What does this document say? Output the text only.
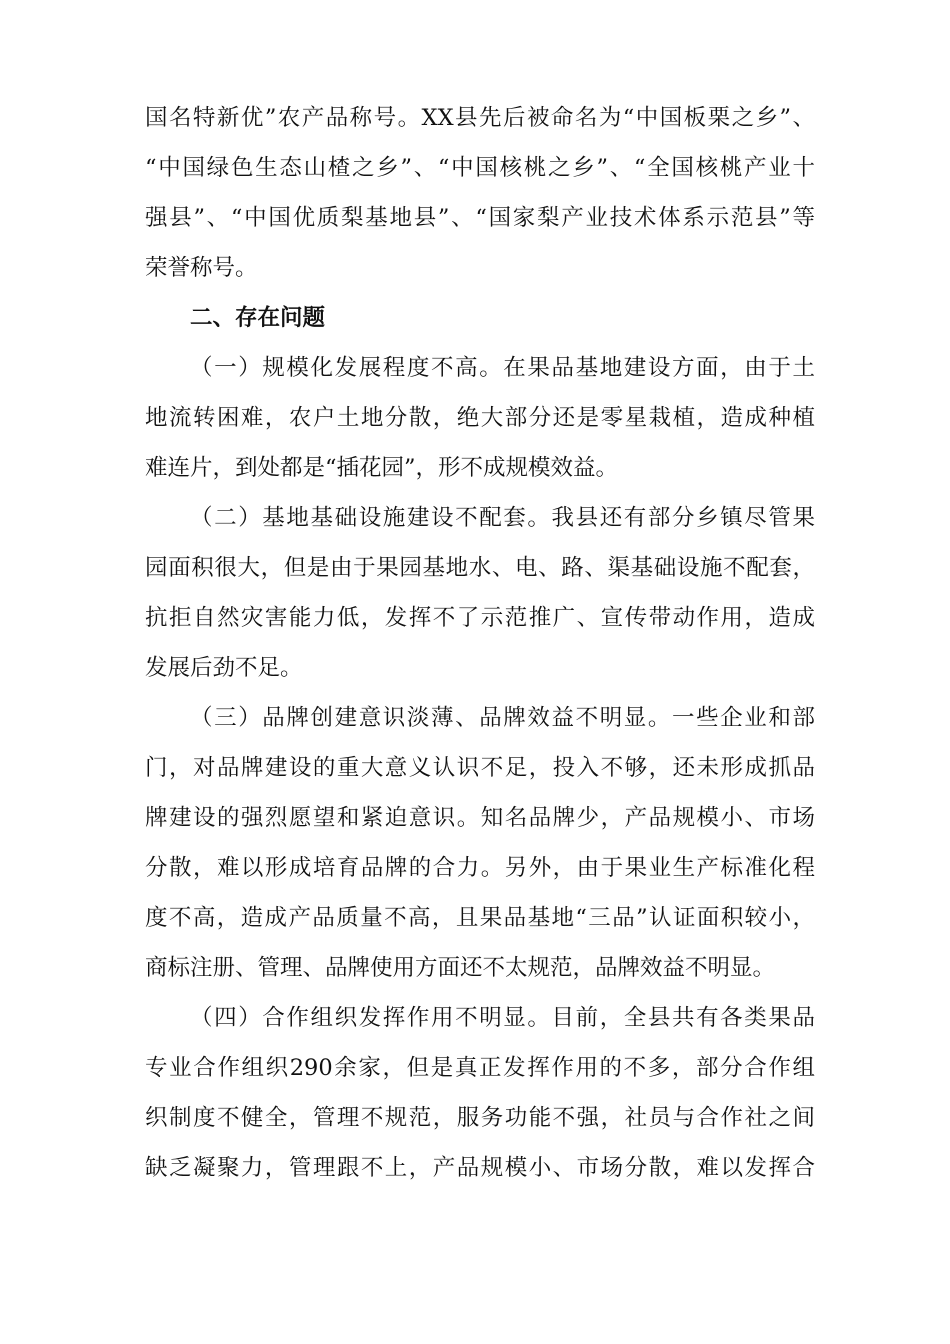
国名特新优”农产品称号。XX县先后被命名为“中国板栗之乡”、
“中国绿色生态山楂之乡”、“中国核桃之乡”、“全国核桃产业十
强县”、“中国优质梨基地县”、“国家梨产业技术体系示范县”等
荣誉称号。
二、存在问题
（一）规模化发展程度不高。在果品基地建设方面，由于土
地流转困难，农户土地分散，绝大部分还是零星栽植，造成种植
难连片，到处都是“插花园”，形不成规模效益。
（二）基地基础设施建设不配套。我县还有部分乡镇尽管果
园面积很大，但是由于果园基地水、电、路、渠基础设施不配套，
抗拒自然灾害能力低，发挥不了示范推广、宣传带动作用，造成
发展后劲不足。
（三）品牌创建意识淡薄、品牌效益不明显。一些企业和部
门，对品牌建设的重大意义认识不足，投入不够，还未形成抓品
牌建设的强烈愿望和紧迫意识。知名品牌少，产品规模小、市场
分散，难以形成培育品牌的合力。另外，由于果业生产标准化程
度不高，造成产品质量不高，且果品基地“三品”认证面积较小，
商标注册、管理、品牌使用方面还不太规范，品牌效益不明显。
（四）合作组织发挥作用不明显。目前，全县共有各类果品
专业合作组织290余家，但是真正发挥作用的不多，部分合作组
织制度不健全，管理不规范，服务功能不强，社员与合作社之间
缺乏凝聚力，管理跟不上，产品规模小、市场分散，难以发挥合
